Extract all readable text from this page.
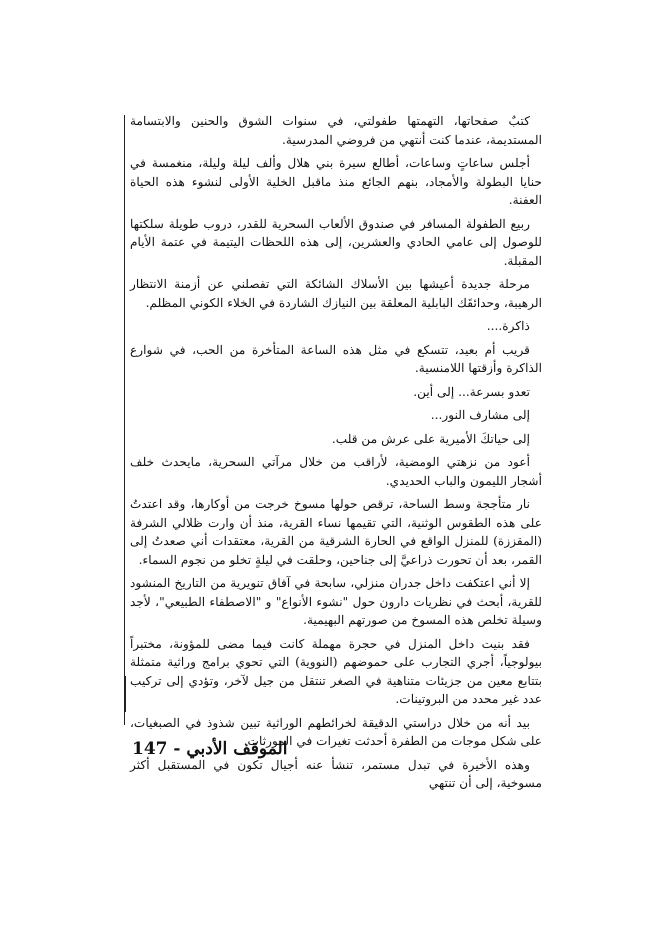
كتبٌ صفحاتها، التهمتها طفولتي، في سنوات الشوق والحنين والابتسامة المستديمة، عندما كنت أنتهي من فروضي المدرسية.

أجلس ساعاتٍ وساعات، أطالع سيرة بني هلال وألف ليلة وليلة، منغمسة في حنايا البطولة والأمجاد، بنهم الجائع منذ ماقبل الخلية الأولى لنشوء هذه الحياة العفنة.

ربيع الطفولة المسافر في صندوق الألعاب السحرية للقدر، دروب طويلة سلكتها للوصول إلى عامي الحادي والعشرين، إلى هذه اللحظات اليتيمة في عتمة الأيام المقبلة.

مرحلة جديدة أعيشها بين الأسلاك الشائكة التي تفصلني عن أزمنة الانتظار الرهيبة، وحدائقَك البابلية المعلقة بين النيازك الشاردة في الخلاء الكوني المظلم.

ذاكرة....

قريب أم بعيد، تتسكع في مثل هذه الساعة المتأخرة من الحب، في شوارع الذاكرة وأزقتها اللامنسية.

تعدو بسرعة... إلى أين.

إلى مشارف النور...

إلى حياتكَ الأميرية على عرش من قلب.

أعود من نزهتي الومضية، لأراقب من خلال مرآتي السحرية، مايحدث خلف أشجار الليمون والباب الحديدي.

نار متأججة وسط الساحة، ترقص حولها مسوخ خرجت من أوكارها، وقد اعتدتُ على هذه الطقوس الوثنية، التي تقيمها نساء القرية، منذ أن وارت ظلالي الشرفة (المقززة) للمنزل الواقع في الحارة الشرقية من القرية، معتقدات أني صعدتُ إلى القمر، بعد أن تحورت ذراعيَّ إلى جناحين، وحلقت في ليلةٍ تخلو من نجوم السماء.

إلا أني اعتكفت داخل جدران منزلي، سابحة في آفاق تنويرية من التاريخ المنشود للقرية، أبحث في نظريات دارون حول "نشوء الأنواع" و "الاصطفاء الطبيعي"، لأجد وسيلة تخلص هذه المسوخ من صورتهم البهيمية.

فقد بنيت داخل المنزل في حجرة مهملة كانت فيما مضى للمؤونة، مختبراً بيولوجياً، أجري التجارب على حموضهم (النووية) التي تحوي برامج وراثية متمثلة بتتابع معين من جزيئات متناهية في الصغر تنتقل من جيل لآخر، وتؤدي إلى تركيب عدد غير محدد من البروتينات.

بيد أنه من خلال دراستي الدقيقة لخرائطهم الوراثية تبين شذوذ في الصبغيات، على شكل موجات من الطفرة أحدثت تغيرات في المورثات.

وهذه الأخيرة في تبدل مستمر، تنشأ عنه أجيال تكون في المستقبل أكثر مسوخية، إلى أن تنتهي

الموقف الأدبي - 147
